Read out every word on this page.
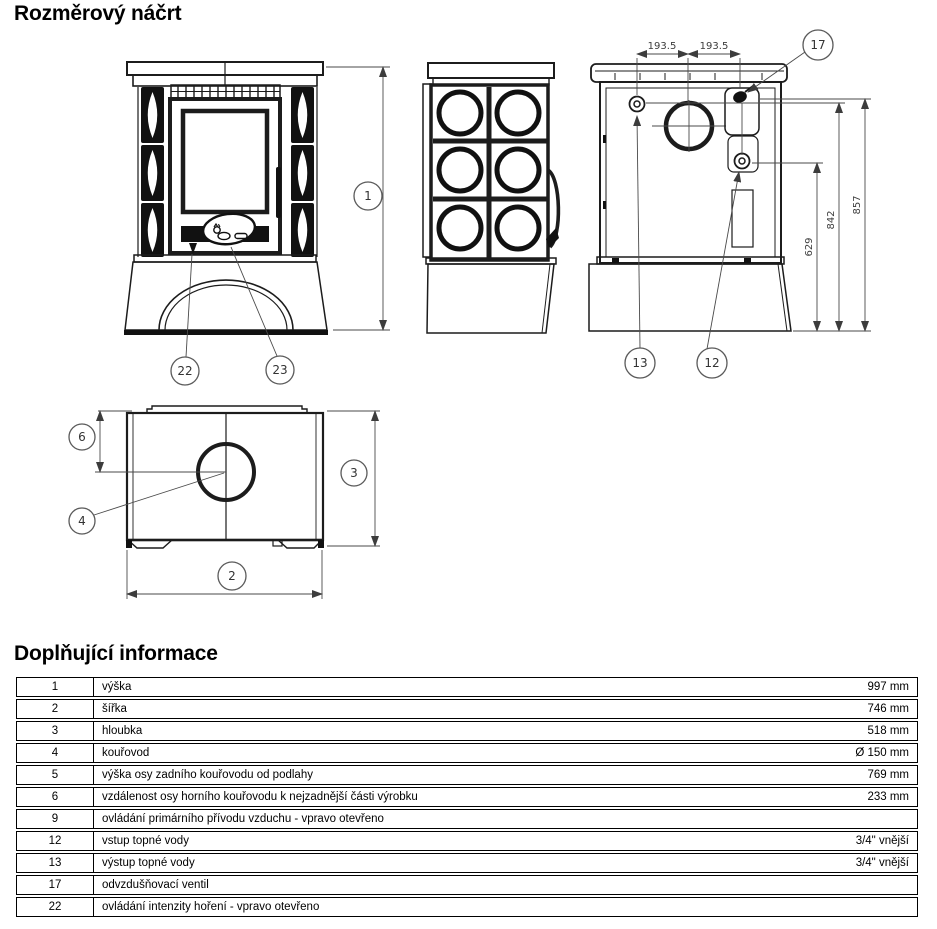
Rozměrový náčrt
1
22	23
193.5 193.5
629
842
857
17
13	12
6
4
3
2
Doplňující informace
1	výška	997 mm
2	šířka	746 mm
3	hloubka	518 mm
4	kouřovod	Ø 150 mm
5	výška osy zadního kouřovodu od podlahy	769 mm
6	vzdálenost osy horního kouřovodu k nejzadnější části výrobku	233 mm
9	ovládání primárního přívodu vzduchu - vpravo otevřeno	
12	vstup topné vody	3/4" vnější
13	výstup topné vody	3/4" vnější
17	odvzdušňovací ventil	
22	ovládání intenzity hoření - vpravo otevřeno	
